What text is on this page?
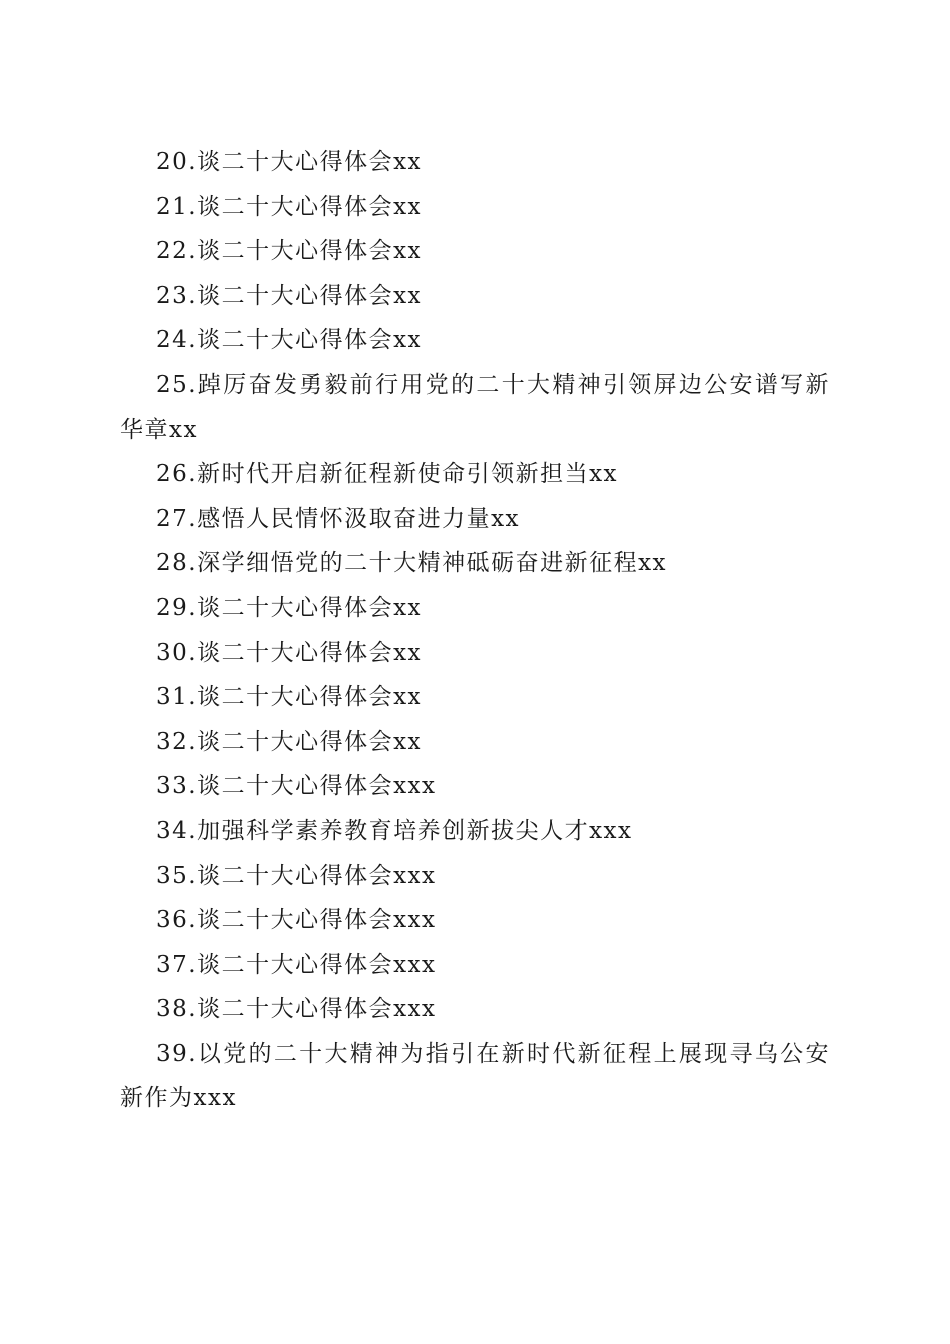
20.谈二十大心得体会xx
21.谈二十大心得体会xx
22.谈二十大心得体会xx
23.谈二十大心得体会xx
24.谈二十大心得体会xx
25.踔厉奋发勇毅前行用党的二十大精神引领屏边公安谱写新华章xx
26.新时代开启新征程新使命引领新担当xx
27.感悟人民情怀汲取奋进力量xx
28.深学细悟党的二十大精神砥砺奋进新征程xx
29.谈二十大心得体会xx
30.谈二十大心得体会xx
31.谈二十大心得体会xx
32.谈二十大心得体会xx
33.谈二十大心得体会xxx
34.加强科学素养教育培养创新拔尖人才xxx
35.谈二十大心得体会xxx
36.谈二十大心得体会xxx
37.谈二十大心得体会xxx
38.谈二十大心得体会xxx
39.以党的二十大精神为指引在新时代新征程上展现寻乌公安新作为xxx
